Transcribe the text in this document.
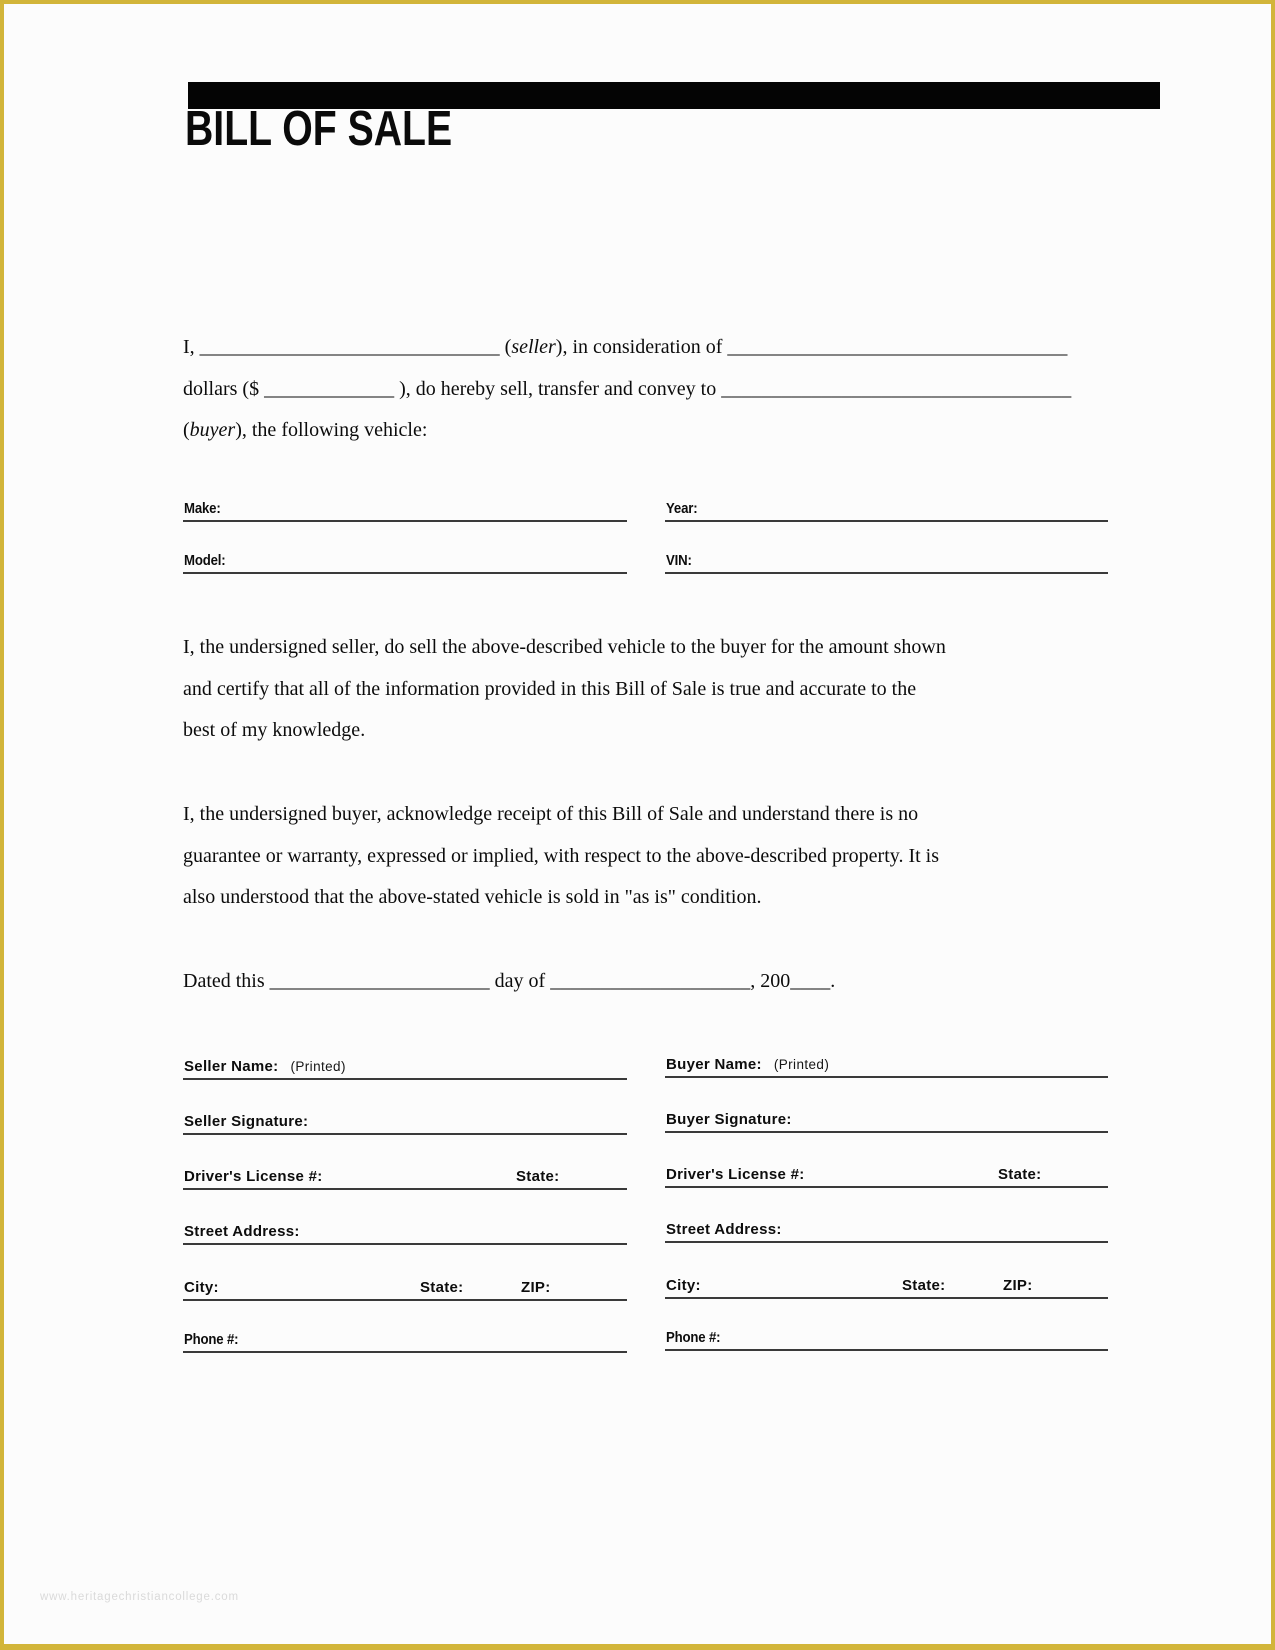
BILL OF SALE
I, ______________________________ (seller), in consideration of __________________________________
dollars ($ _____________ ), do hereby sell, transfer and convey to ___________________________________
(buyer), the following vehicle:
Make:	Year:
Model:	VIN:
I, the undersigned seller, do sell the above-described vehicle to the buyer for the amount shown
and certify that all of the information provided in this Bill of Sale is true and accurate to the
best of my knowledge.
I, the undersigned buyer, acknowledge receipt of this Bill of Sale and understand there is no
guarantee or warranty, expressed or implied, with respect to the above-described property. It is
also understood that the above-stated vehicle is sold in "as is" condition.
Dated this ______________________ day of ____________________, 200____.
Seller Name: (Printed)
Seller Signature:
Driver's License #:	State:
Street Address:
City:	State:	ZIP:
Phone #:
Buyer Name: (Printed)
Buyer Signature:
Driver's License #:	State:
Street Address:
City:	State:	ZIP:
Phone #:
www.heritagechristiancollege.com
